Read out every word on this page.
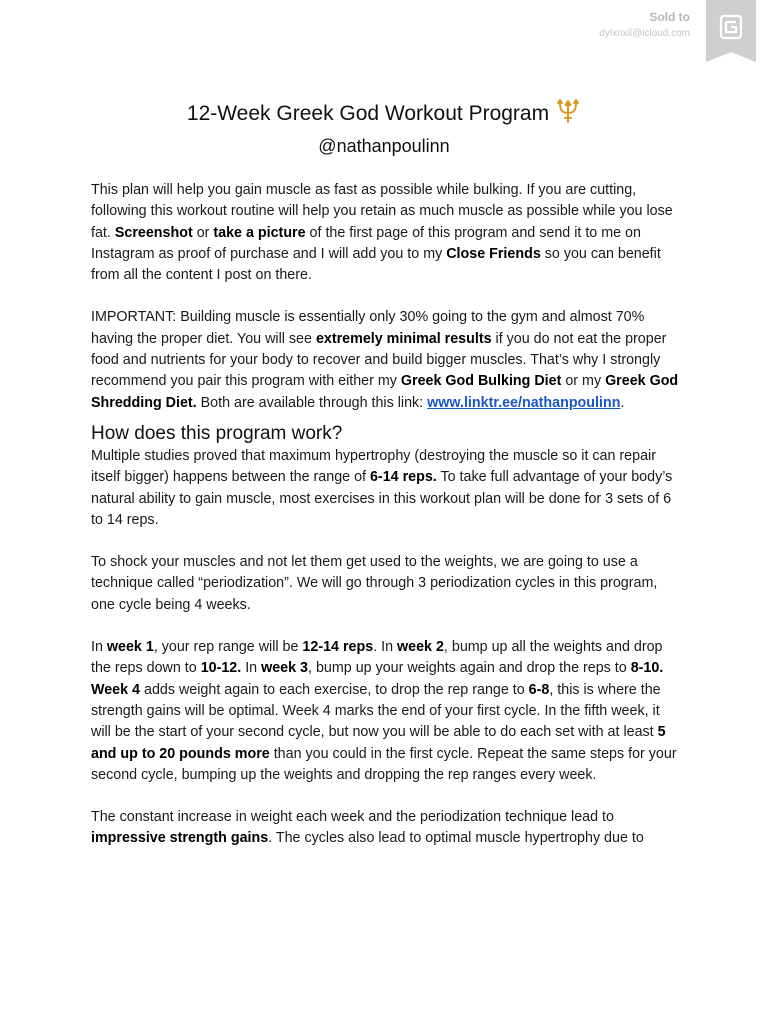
Sold to
dylxnxil@icloud.com
12-Week Greek God Workout Program
@nathanpoulinn

This plan will help you gain muscle as fast as possible while bulking. If you are cutting, following this workout routine will help you retain as much muscle as possible while you lose fat. Screenshot or take a picture of the first page of this program and send it to me on Instagram as proof of purchase and I will add you to my Close Friends so you can benefit from all the content I post on there.

IMPORTANT: Building muscle is essentially only 30% going to the gym and almost 70% having the proper diet. You will see extremely minimal results if you do not eat the proper food and nutrients for your body to recover and build bigger muscles. That’s why I strongly recommend you pair this program with either my Greek God Bulking Diet or my Greek God Shredding Diet. Both are available through this link: www.linktr.ee/nathanpoulinn.

How does this program work?

Multiple studies proved that maximum hypertrophy (destroying the muscle so it can repair itself bigger) happens between the range of 6-14 reps. To take full advantage of your body’s natural ability to gain muscle, most exercises in this workout plan will be done for 3 sets of 6 to 14 reps.

To shock your muscles and not let them get used to the weights, we are going to use a technique called “periodization”. We will go through 3 periodization cycles in this program, one cycle being 4 weeks.

In week 1, your rep range will be 12-14 reps. In week 2, bump up all the weights and drop the reps down to 10-12. In week 3, bump up your weights again and drop the reps to 8-10. Week 4 adds weight again to each exercise, to drop the rep range to 6-8, this is where the strength gains will be optimal. Week 4 marks the end of your first cycle. In the fifth week, it will be the start of your second cycle, but now you will be able to do each set with at least 5 and up to 20 pounds more than you could in the first cycle. Repeat the same steps for your second cycle, bumping up the weights and dropping the rep ranges every week.

The constant increase in weight each week and the periodization technique lead to impressive strength gains. The cycles also lead to optimal muscle hypertrophy due to
